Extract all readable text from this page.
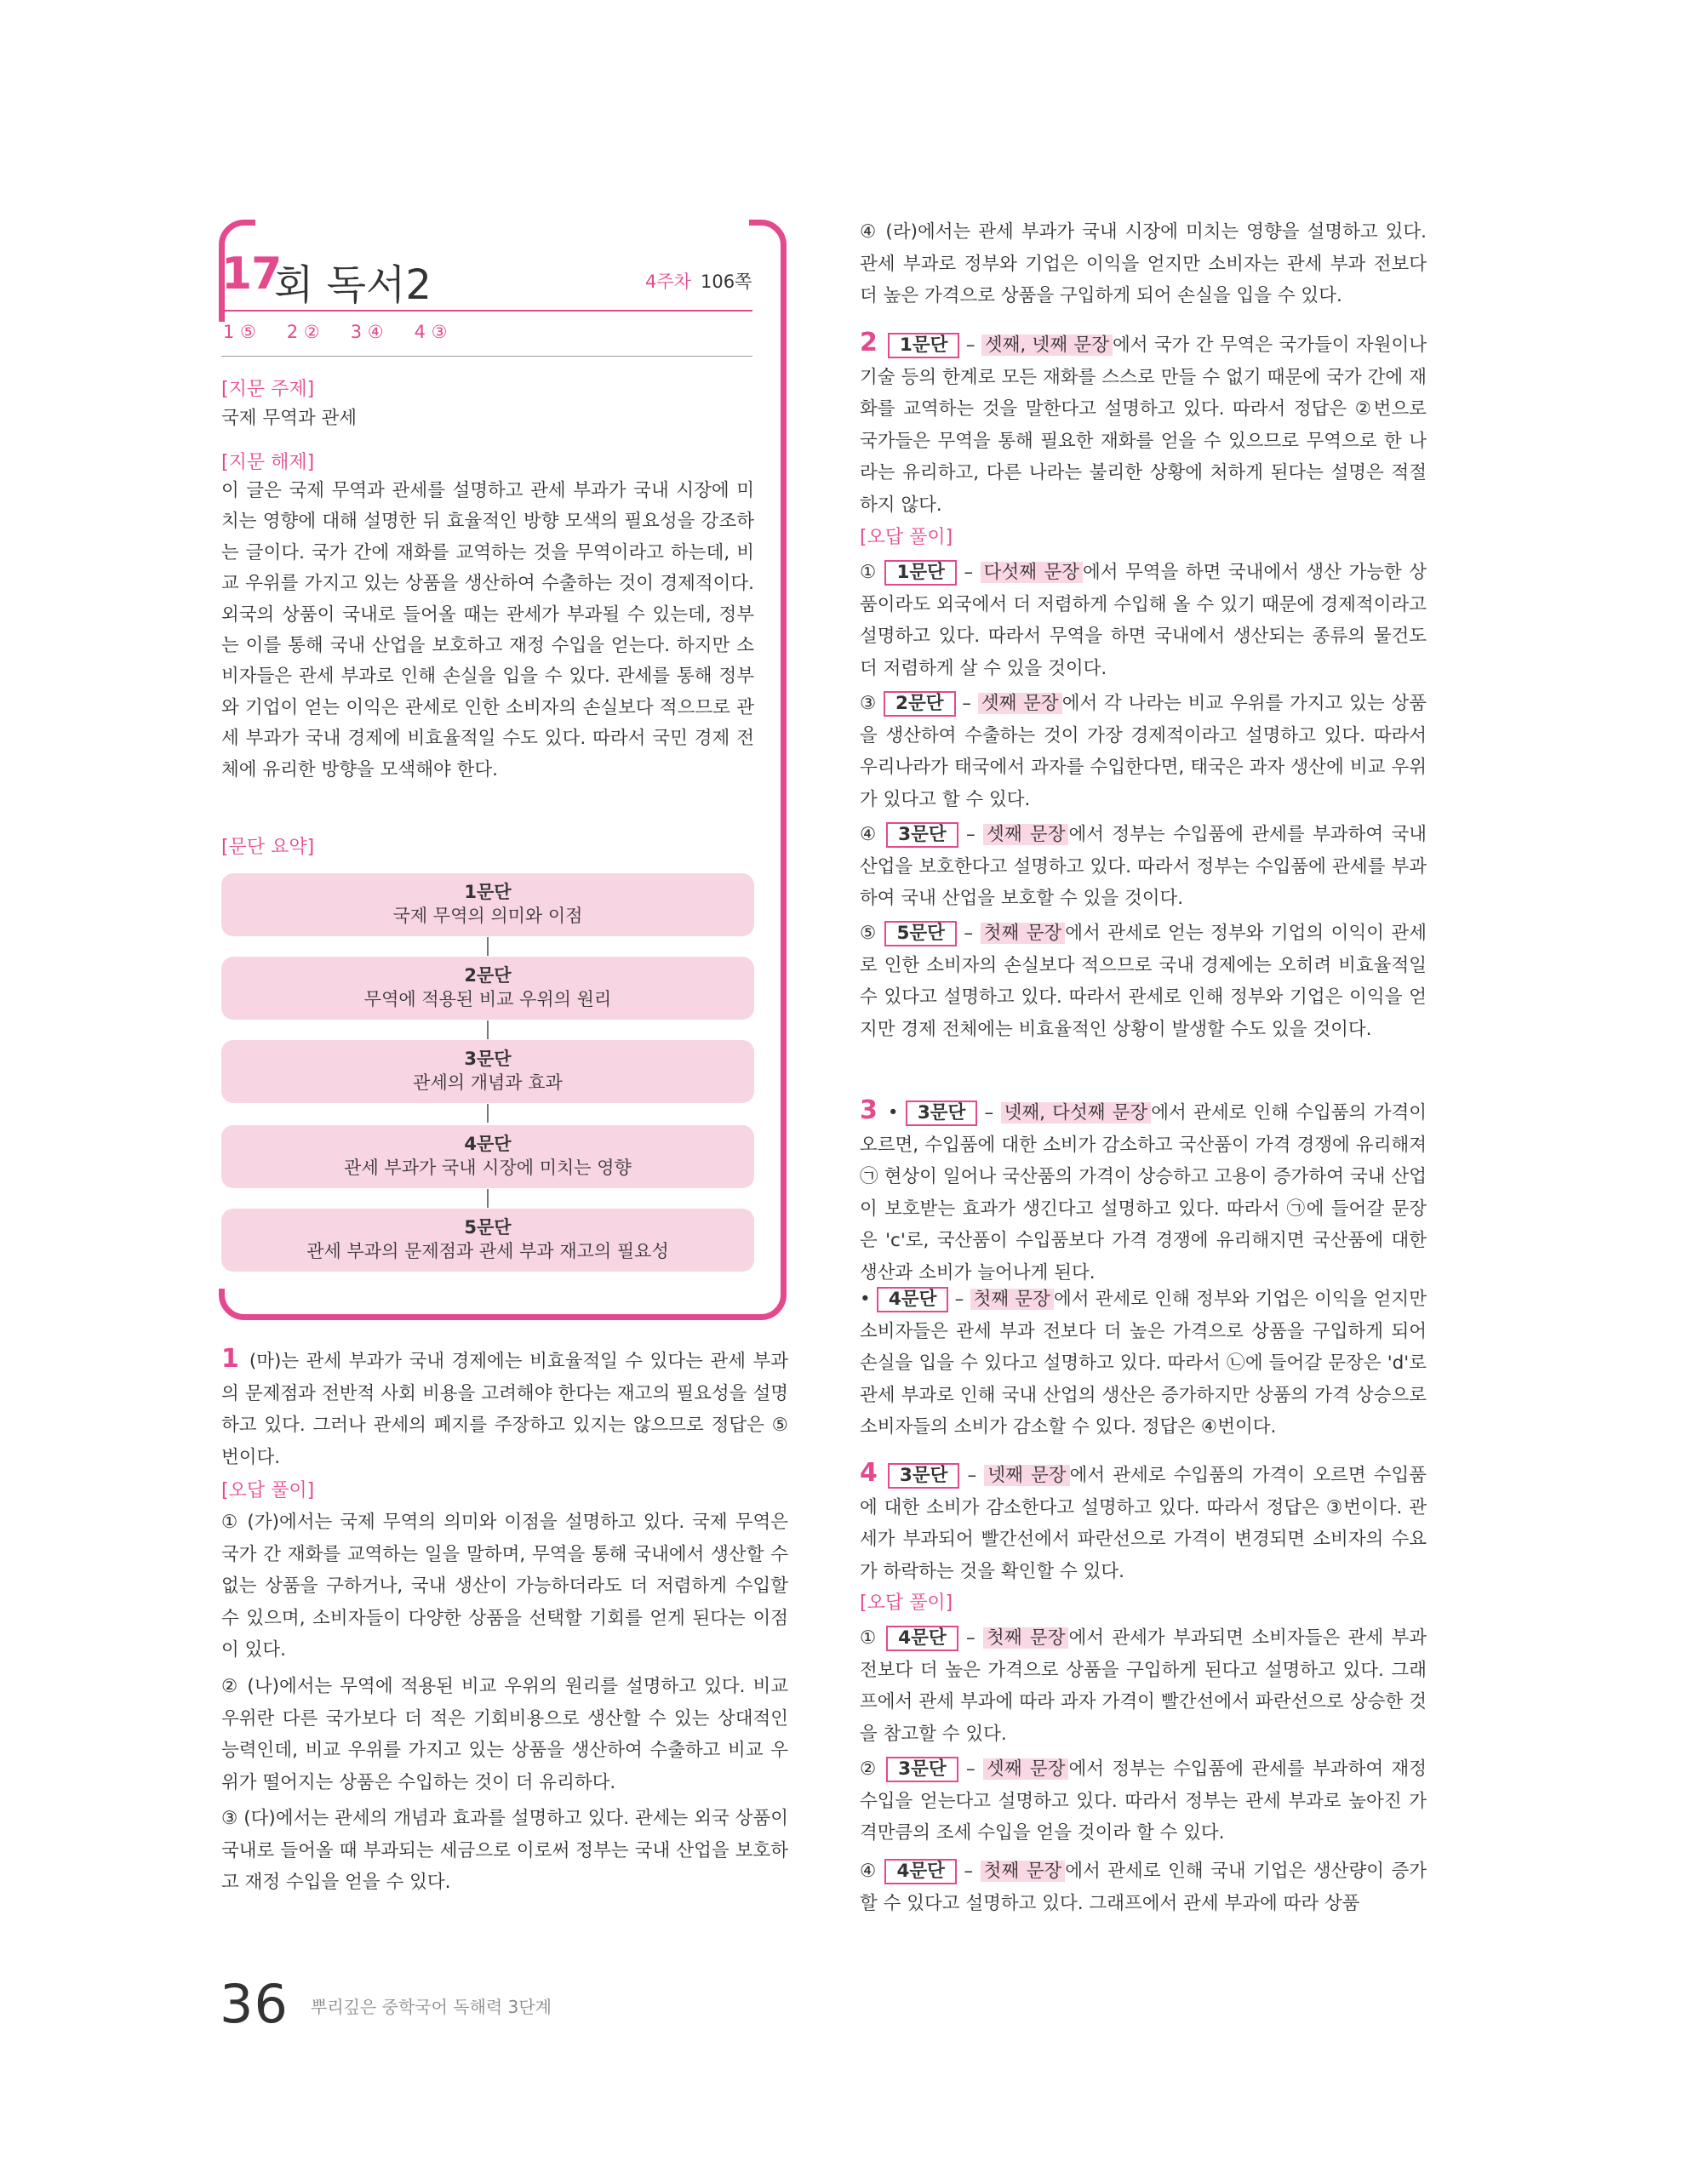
17
회 독서2	4주차 106쪽
1 ⑤ 2 ② 3 ④ 4 ③
[지문 주제]
국제 무역과 관세
[지문 해제]
이 글은 국제 무역과 관세를 설명하고 관세 부과가 국내 시장에 미치는 영향에 대해 설명한 뒤 효율적인 방향 모색의 필요성을 강조하는 글이다. 국가 간에 재화를 교역하는 것을 무역이라고 하는데, 비교 우위를 가지고 있는 상품을 생산하여 수출하는 것이 경제적이다. 외국의 상품이 국내로 들어올 때는 관세가 부과될 수 있는데, 정부는 이를 통해 국내 산업을 보호하고 재정 수입을 얻는다. 하지만 소비자들은 관세 부과로 인해 손실을 입을 수 있다. 관세를 통해 정부와 기업이 얻는 이익은 관세로 인한 소비자의 손실보다 적으므로 관세 부과가 국내 경제에 비효율적일 수도 있다. 따라서 국민 경제 전체에 유리한 방향을 모색해야 한다.
[문단 요약]
1문단
국제 무역의 의미와 이점
2문단
무역에 적용된 비교 우위의 원리
3문단
관세의 개념과 효과
4문단
관세 부과가 국내 시장에 미치는 영향
5문단
관세 부과의 문제점과 관세 부과 재고의 필요성

1 (마)는 관세 부과가 국내 경제에는 비효율적일 수 있다는 관세 부과의 문제점과 전반적 사회 비용을 고려해야 한다는 재고의 필요성을 설명하고 있다. 그러나 관세의 폐지를 주장하고 있지는 않으므로 정답은 ⑤번이다.

[오답 풀이]

① (가)에서는 국제 무역의 의미와 이점을 설명하고 있다. 국제 무역은 국가 간 재화를 교역하는 일을 말하며, 무역을 통해 국내에서 생산할 수 없는 상품을 구하거나, 국내 생산이 가능하더라도 더 저렴하게 수입할 수 있으며, 소비자들이 다양한 상품을 선택할 기회를 얻게 된다는 이점이 있다.

② (나)에서는 무역에 적용된 비교 우위의 원리를 설명하고 있다. 비교 우위란 다른 국가보다 더 적은 기회비용으로 생산할 수 있는 상대적인 능력인데, 비교 우위를 가지고 있는 상품을 생산하여 수출하고 비교 우위가 떨어지는 상품은 수입하는 것이 더 유리하다.

③ (다)에서는 관세의 개념과 효과를 설명하고 있다. 관세는 외국 상품이 국내로 들어올 때 부과되는 세금으로 이로써 정부는 국내 산업을 보호하고 재정 수입을 얻을 수 있다.

④ (라)에서는 관세 부과가 국내 시장에 미치는 영향을 설명하고 있다. 관세 부과로 정부와 기업은 이익을 얻지만 소비자는 관세 부과 전보다 더 높은 가격으로 상품을 구입하게 되어 손실을 입을 수 있다.

2 1문단 – 셋째, 넷째 문장 에서 국가 간 무역은 국가들이 자원이나 기술 등의 한계로 모든 재화를 스스로 만들 수 없기 때문에 국가 간에 재화를 교역하는 것을 말한다고 설명하고 있다. 따라서 정답은 ②번으로 국가들은 무역을 통해 필요한 재화를 얻을 수 있으므로 무역으로 한 나라는 유리하고, 다른 나라는 불리한 상황에 처하게 된다는 설명은 적절하지 않다.

[오답 풀이]

① 1문단 – 다섯째 문장 에서 무역을 하면 국내에서 생산 가능한 상품이라도 외국에서 더 저렴하게 수입해 올 수 있기 때문에 경제적이라고 설명하고 있다. 따라서 무역을 하면 국내에서 생산되는 종류의 물건도 더 저렴하게 살 수 있을 것이다.

③ 2문단 – 셋째 문장 에서 각 나라는 비교 우위를 가지고 있는 상품을 생산하여 수출하는 것이 가장 경제적이라고 설명하고 있다. 따라서 우리나라가 태국에서 과자를 수입한다면, 태국은 과자 생산에 비교 우위가 있다고 할 수 있다.

④ 3문단 – 셋째 문장 에서 정부는 수입품에 관세를 부과하여 국내 산업을 보호한다고 설명하고 있다. 따라서 정부는 수입품에 관세를 부과하여 국내 산업을 보호할 수 있을 것이다.

⑤ 5문단 – 첫째 문장 에서 관세로 얻는 정부와 기업의 이익이 관세로 인한 소비자의 손실보다 적으므로 국내 경제에는 오히려 비효율적일 수 있다고 설명하고 있다. 따라서 관세로 인해 정부와 기업은 이익을 얻지만 경제 전체에는 비효율적인 상황이 발생할 수도 있을 것이다.

3 • 3문단 – 넷째, 다섯째 문장 에서 관세로 인해 수입품의 가격이 오르면, 수입품에 대한 소비가 감소하고 국산품이 가격 경쟁에 유리해져 ㉠ 현상이 일어나 국산품의 가격이 상승하고 고용이 증가하여 국내 산업이 보호받는 효과가 생긴다고 설명하고 있다. 따라서 ㉠에 들어갈 문장은 'c'로, 국산품이 수입품보다 가격 경쟁에 유리해지면 국산품에 대한 생산과 소비가 늘어나게 된다.

• 4문단 – 첫째 문장 에서 관세로 인해 정부와 기업은 이익을 얻지만 소비자들은 관세 부과 전보다 더 높은 가격으로 상품을 구입하게 되어 손실을 입을 수 있다고 설명하고 있다. 따라서 ㉡에 들어갈 문장은 'd'로 관세 부과로 인해 국내 산업의 생산은 증가하지만 상품의 가격 상승으로 소비자들의 소비가 감소할 수 있다. 정답은 ④번이다.

4 3문단 – 넷째 문장 에서 관세로 수입품의 가격이 오르면 수입품에 대한 소비가 감소한다고 설명하고 있다. 따라서 정답은 ③번이다. 관세가 부과되어 빨간선에서 파란선으로 가격이 변경되면 소비자의 수요가 하락하는 것을 확인할 수 있다.

[오답 풀이]

① 4문단 – 첫째 문장 에서 관세가 부과되면 소비자들은 관세 부과 전보다 더 높은 가격으로 상품을 구입하게 된다고 설명하고 있다. 그래프에서 관세 부과에 따라 과자 가격이 빨간선에서 파란선으로 상승한 것을 참고할 수 있다.

② 3문단 – 셋째 문장 에서 정부는 수입품에 관세를 부과하여 재정 수입을 얻는다고 설명하고 있다. 따라서 정부는 관세 부과로 높아진 가격만큼의 조세 수입을 얻을 것이라 할 수 있다.

④ 4문단 – 첫째 문장 에서 관세로 인해 국내 기업은 생산량이 증가할 수 있다고 설명하고 있다. 그래프에서 관세 부과에 따라 상품

36 뿌리깊은 중학국어 독해력 3단계
